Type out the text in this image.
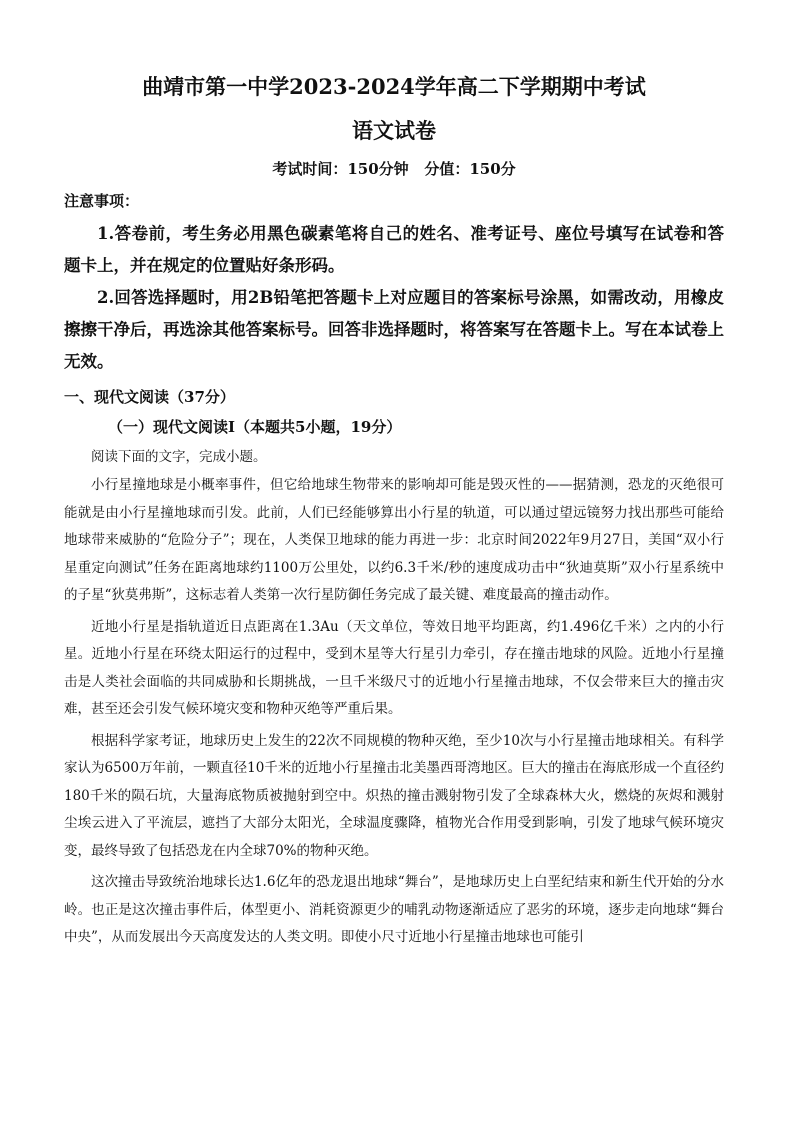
曲靖市第一中学2023-2024学年高二下学期期中考试
语文试卷

考试时间：150分钟   分值：150分

注意事项：

1.答卷前，考生务必用黑色碳素笔将自己的姓名、准考证号、座位号填写在试卷和答题卡上，并在规定的位置贴好条形码。

2.回答选择题时，用2B铅笔把答题卡上对应题目的答案标号涂黑，如需改动，用橡皮擦擦干净后，再选涂其他答案标号。回答非选择题时，将答案写在答题卡上。写在本试卷上无效。

一、现代文阅读（37分）

（一）现代文阅读Ⅰ（本题共5小题，19分）

阅读下面的文字，完成小题。

小行星撞地球是小概率事件，但它给地球生物带来的影响却可能是毁灭性的——据猜测，恐龙的灭绝很可能就是由小行星撞地球而引发。此前，人们已经能够算出小行星的轨道，可以通过望远镜努力找出那些可能给地球带来威胁的“危险分子”；现在，人类保卫地球的能力再进一步：北京时间2022年9月27日，美国“双小行星重定向测试”任务在距离地球约1100万公里处，以约6.3千米/秒的速度成功击中“狄迪莫斯”双小行星系统中的子星“狄莫弗斯”，这标志着人类第一次行星防御任务完成了最关键、难度最高的撞击动作。

近地小行星是指轨道近日点距离在1.3Au（天文单位，等效日地平均距离，约1.496亿千米）之内的小行星。近地小行星在环绕太阳运行的过程中，受到木星等大行星引力牵引，存在撞击地球的风险。近地小行星撞击是人类社会面临的共同威胁和长期挑战，一旦千米级尺寸的近地小行星撞击地球，不仅会带来巨大的撞击灾难，甚至还会引发气候环境灾变和物种灭绝等严重后果。

根据科学家考证，地球历史上发生的22次不同规模的物种灭绝，至少10次与小行星撞击地球相关。有科学家认为6500万年前，一颗直径10千米的近地小行星撞击北美墨西哥湾地区。巨大的撞击在海底形成一个直径约180千米的陨石坑，大量海底物质被抛射到空中。炽热的撞击溅射物引发了全球森林大火，燃烧的灰烬和溅射尘埃云进入了平流层，遮挡了大部分太阳光，全球温度骤降，植物光合作用受到影响，引发了地球气候环境灾变，最终导致了包括恐龙在内全球70%的物种灭绝。

这次撞击导致统治地球长达1.6亿年的恐龙退出地球“舞台”，是地球历史上白垩纪结束和新生代开始的分水岭。也正是这次撞击事件后，体型更小、消耗资源更少的哺乳动物逐渐适应了恶劣的环境，逐步走向地球“舞台中央”，从而发展出今天高度发达的人类文明。即使小尺寸近地小行星撞击地球也可能引
